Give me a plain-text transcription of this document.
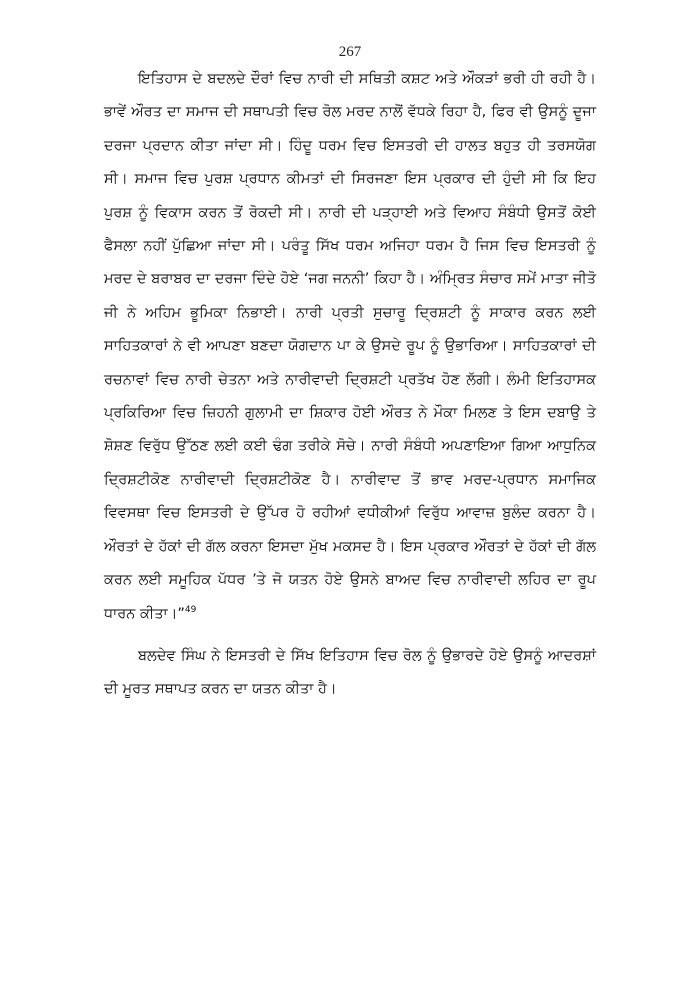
267

ਇਤਿਹਾਸ ਦੇ ਬਦਲਦੇ ਦੌਰਾਂ ਵਿਚ ਨਾਰੀ ਦੀ ਸਥਿਤੀ ਕਸ਼ਟ ਅਤੇ ਔਕੜਾਂ ਭਰੀ ਹੀ ਰਹੀ ਹੈ। ਭਾਵੇਂ ਔਰਤ ਦਾ ਸਮਾਜ ਦੀ ਸਥਾਪਤੀ ਵਿਚ ਰੋਲ ਮਰਦ ਨਾਲੋਂ ਵੱਧਕੇ ਰਿਹਾ ਹੈ, ਫਿਰ ਵੀ ਉਸਨੂੰ ਦੂਜਾ ਦਰਜਾ ਪ੍ਰਦਾਨ ਕੀਤਾ ਜਾਂਦਾ ਸੀ। ਹਿੰਦੂ ਧਰਮ ਵਿਚ ਇਸਤਰੀ ਦੀ ਹਾਲਤ ਬਹੁਤ ਹੀ ਤਰਸਯੋਗ ਸੀ। ਸਮਾਜ ਵਿਚ ਪੁਰਸ਼ ਪ੍ਰਧਾਨ ਕੀਮਤਾਂ ਦੀ ਸਿਰਜਣਾ ਇਸ ਪ੍ਰਕਾਰ ਦੀ ਹੁੰਦੀ ਸੀ ਕਿ ਇਹ ਪੁਰਸ਼ ਨੂੰ ਵਿਕਾਸ ਕਰਨ ਤੋਂ ਰੋਕਦੀ ਸੀ। ਨਾਰੀ ਦੀ ਪੜ੍ਹਾਈ ਅਤੇ ਵਿਆਹ ਸੰਬੰਧੀ ਉਸਤੋਂ ਕੋਈ ਫੈਸਲਾ ਨਹੀਂ ਪੁੱਛਿਆ ਜਾਂਦਾ ਸੀ। ਪਰੰਤੂ ਸਿੱਖ ਧਰਮ ਅਜਿਹਾ ਧਰਮ ਹੈ ਜਿਸ ਵਿਚ ਇਸਤਰੀ ਨੂੰ ਮਰਦ ਦੇ ਬਰਾਬਰ ਦਾ ਦਰਜਾ ਦਿੰਦੇ ਹੋਏ ‘ਜਗ ਜਨਨੀ’ ਕਿਹਾ ਹੈ। ਅੰਮ੍ਰਿਤ ਸੰਚਾਰ ਸਮੇਂ ਮਾਤਾ ਜੀਤੋ ਜੀ ਨੇ ਅਹਿਮ ਭੂਮਿਕਾ ਨਿਭਾਈ। ਨਾਰੀ ਪ੍ਰਤੀ ਸੁਚਾਰੂ ਦ੍ਰਿਸ਼ਟੀ ਨੂੰ ਸਾਕਾਰ ਕਰਨ ਲਈ ਸਾਹਿਤਕਾਰਾਂ ਨੇ ਵੀ ਆਪਣਾ ਬਣਦਾ ਯੋਗਦਾਨ ਪਾ ਕੇ ਉਸਦੇ ਰੂਪ ਨੂੰ ਉਭਾਰਿਆ। ਸਾਹਿਤਕਾਰਾਂ ਦੀ ਰਚਨਾਵਾਂ ਵਿਚ ਨਾਰੀ ਚੇਤਨਾ ਅਤੇ ਨਾਰੀਵਾਦੀ ਦ੍ਰਿਸ਼ਟੀ ਪ੍ਰਤੱਖ ਹੋਣ ਲੱਗੀ। ਲੰਮੀ ਇਤਿਹਾਸਕ ਪ੍ਰਕਿਰਿਆ ਵਿਚ ਜ਼ਿਹਨੀ ਗੁਲਾਮੀ ਦਾ ਸ਼ਿਕਾਰ ਹੋਈ ਔਰਤ ਨੇ ਮੌਕਾ ਮਿਲਣ ਤੇ ਇਸ ਦਬਾਉ ਤੇ ਸ਼ੋਸ਼ਣ ਵਿਰੁੱਧ ਉੱਠਣ ਲਈ ਕਈ ਢੰਗ ਤਰੀਕੇ ਸੋਚੇ। ਨਾਰੀ ਸੰਬੰਧੀ ਅਪਣਾਇਆ ਗਿਆ ਆਧੁਨਿਕ ਦ੍ਰਿਸ਼ਟੀਕੋਣ ਨਾਰੀਵਾਦੀ ਦ੍ਰਿਸ਼ਟੀਕੋਣ ਹੈ। ਨਾਰੀਵਾਦ ਤੋਂ ਭਾਵ ਮਰਦ-ਪ੍ਰਧਾਨ ਸਮਾਜਿਕ ਵਿਵਸਥਾ ਵਿਚ ਇਸਤਰੀ ਦੇ ਉੱਪਰ ਹੋ ਰਹੀਆਂ ਵਧੀਕੀਆਂ ਵਿਰੁੱਧ ਆਵਾਜ਼ ਬੁਲੰਦ ਕਰਨਾ ਹੈ। ਔਰਤਾਂ ਦੇ ਹੱਕਾਂ ਦੀ ਗੱਲ ਕਰਨਾ ਇਸਦਾ ਮੁੱਖ ਮਕਸਦ ਹੈ। ਇਸ ਪ੍ਰਕਾਰ ਔਰਤਾਂ ਦੇ ਹੱਕਾਂ ਦੀ ਗੱਲ ਕਰਨ ਲਈ ਸਮੂਹਿਕ ਪੱਧਰ ’ਤੇ ਜੋ ਯਤਨ ਹੋਏ ਉਸਨੇ ਬਾਅਦ ਵਿਚ ਨਾਰੀਵਾਦੀ ਲਹਿਰ ਦਾ ਰੂਪ ਧਾਰਨ ਕੀਤਾ।”$^{49}$

ਬਲਦੇਵ ਸਿੰਘ ਨੇ ਇਸਤਰੀ ਦੇ ਸਿੱਖ ਇਤਿਹਾਸ ਵਿਚ ਰੋਲ ਨੂੰ ਉਭਾਰਦੇ ਹੋਏ ਉਸਨੂੰ ਆਦਰਸ਼ਾਂ ਦੀ ਮੂਰਤ ਸਥਾਪਤ ਕਰਨ ਦਾ ਯਤਨ ਕੀਤਾ ਹੈ।
